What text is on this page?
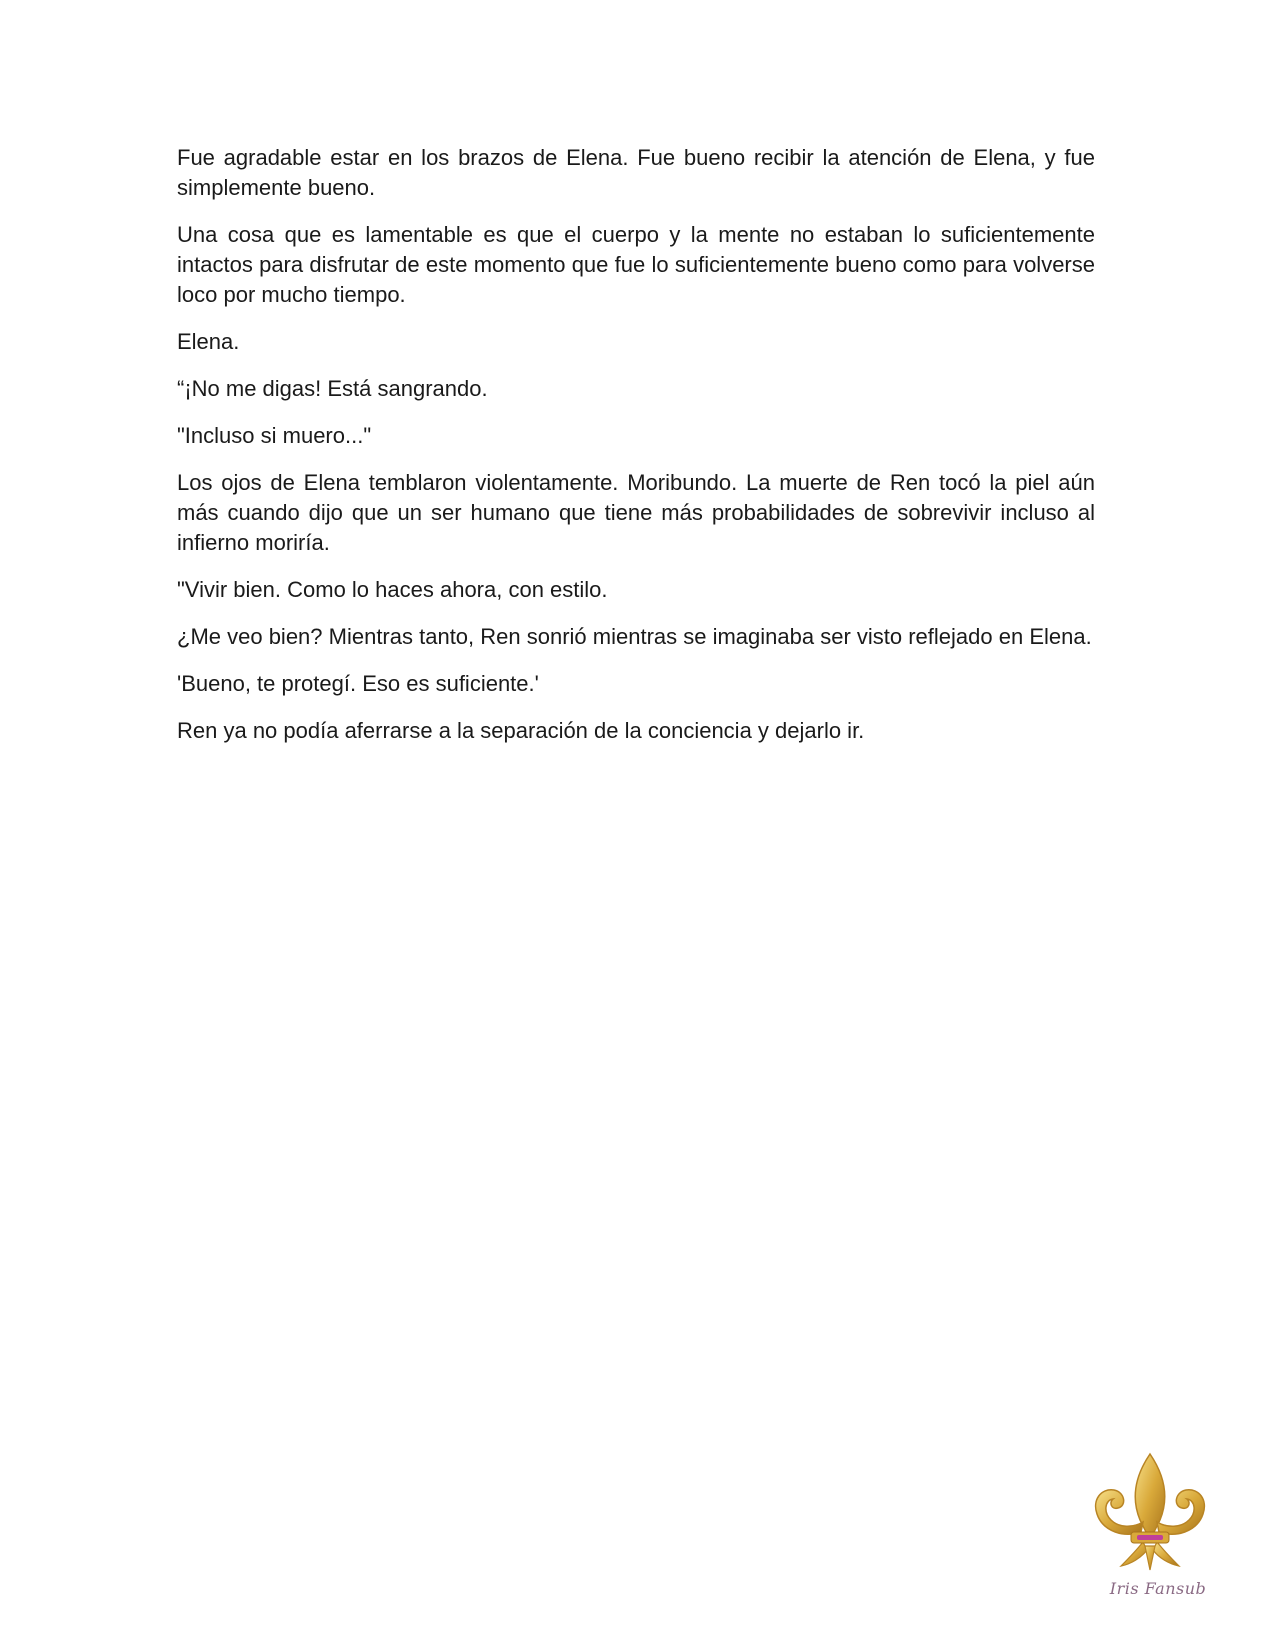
Fue agradable estar en los brazos de Elena. Fue bueno recibir la atención de Elena, y fue simplemente bueno.

Una cosa que es lamentable es que el cuerpo y la mente no estaban lo suficientemente intactos para disfrutar de este momento que fue lo suficientemente bueno como para volverse loco por mucho tiempo.

Elena.

“¡No me digas! Está sangrando.

"Incluso si muero..."

Los ojos de Elena temblaron violentamente. Moribundo. La muerte de Ren tocó la piel aún más cuando dijo que un ser humano que tiene más probabilidades de sobrevivir incluso al infierno moriría.

"Vivir bien. Como lo haces ahora, con estilo.

¿Me veo bien? Mientras tanto, Ren sonrió mientras se imaginaba ser visto reflejado en Elena.

'Bueno, te protegí. Eso es suficiente.'

Ren ya no podía aferrarse a la separación de la conciencia y dejarlo ir.

Iris Fansub
